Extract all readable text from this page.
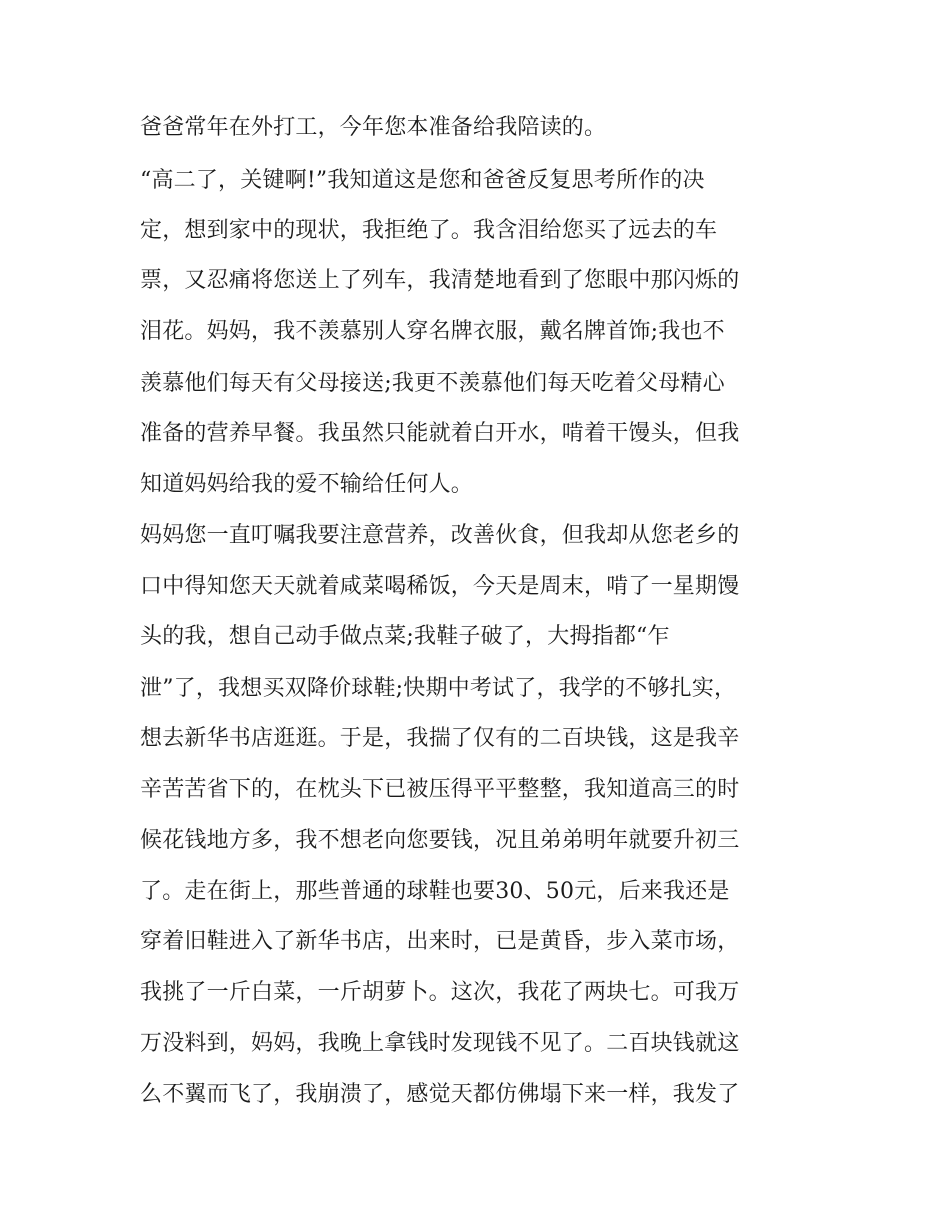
爸爸常年在外打工，今年您本准备给我陪读的。
“高二了，关键啊!”我知道这是您和爸爸反复思考所作的决
定，想到家中的现状，我拒绝了。我含泪给您买了远去的车
票，又忍痛将您送上了列车，我清楚地看到了您眼中那闪烁的
泪花。妈妈，我不羡慕别人穿名牌衣服，戴名牌首饰;我也不
羡慕他们每天有父母接送;我更不羡慕他们每天吃着父母精心
准备的营养早餐。我虽然只能就着白开水，啃着干馒头，但我
知道妈妈给我的爱不输给任何人。
妈妈您一直叮嘱我要注意营养，改善伙食，但我却从您老乡的
口中得知您天天就着咸菜喝稀饭，今天是周末，啃了一星期馒
头的我，想自己动手做点菜;我鞋子破了，大拇指都“乍
泄”了，我想买双降价球鞋;快期中考试了，我学的不够扎实，
想去新华书店逛逛。于是，我揣了仅有的二百块钱，这是我辛
辛苦苦省下的，在枕头下已被压得平平整整，我知道高三的时
候花钱地方多，我不想老向您要钱，况且弟弟明年就要升初三
了。走在街上，那些普通的球鞋也要30、50元，后来我还是
穿着旧鞋进入了新华书店，出来时，已是黄昏，步入菜市场，
我挑了一斤白菜，一斤胡萝卜。这次，我花了两块七。可我万
万没料到，妈妈，我晚上拿钱时发现钱不见了。二百块钱就这
么不翼而飞了，我崩溃了，感觉天都仿佛塌下来一样，我发了
